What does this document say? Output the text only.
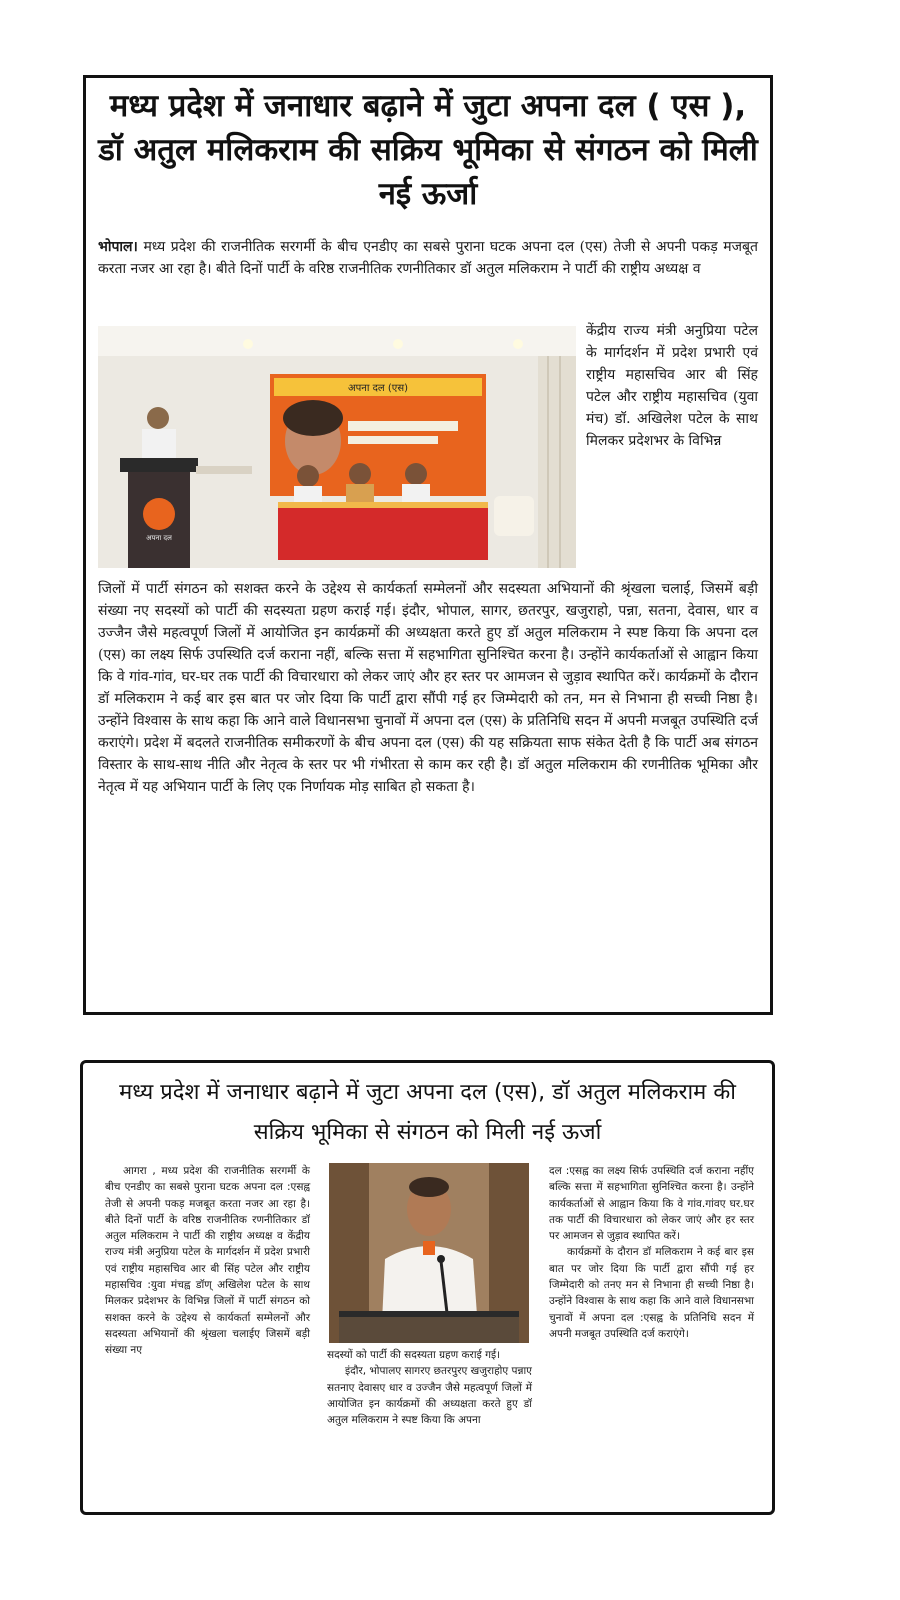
मध्य प्रदेश में जनाधार बढ़ाने में जुटा अपना दल ( एस ), डॉ अतुल मलिकराम की सक्रिय भूमिका से संगठन को मिली नई ऊर्जा
भोपाल। मध्य प्रदेश की राजनीतिक सरगर्मी के बीच एनडीए का सबसे पुराना घटक अपना दल (एस) तेजी से अपनी पकड़ मजबूत करता नजर आ रहा है। बीते दिनों पार्टी के वरिष्ठ राजनीतिक रणनीतिकार डॉ अतुल मलिकराम ने पार्टी की राष्ट्रीय अध्यक्ष व
अपना दल (एस)
अपना दल
केंद्रीय राज्य मंत्री अनुप्रिया पटेल के मार्गदर्शन में प्रदेश प्रभारी एवं राष्ट्रीय महासचिव आर बी सिंह पटेल और राष्ट्रीय महासचिव (युवा मंच) डॉ. अखिलेश पटेल के साथ मिलकर प्रदेशभर के विभिन्न
जिलों में पार्टी संगठन को सशक्त करने के उद्देश्य से कार्यकर्ता सम्मेलनों और सदस्यता अभियानों की श्रृंखला चलाई, जिसमें बड़ी संख्या नए सदस्यों को पार्टी की सदस्यता ग्रहण कराई गई। इंदौर, भोपाल, सागर, छतरपुर, खजुराहो, पन्ना, सतना, देवास, धार व उज्जैन जैसे महत्वपूर्ण जिलों में आयोजित इन कार्यक्रमों की अध्यक्षता करते हुए डॉ अतुल मलिकराम ने स्पष्ट किया कि अपना दल (एस) का लक्ष्य सिर्फ उपस्थिति दर्ज कराना नहीं, बल्कि सत्ता में सहभागिता सुनिश्चित करना है। उन्होंने कार्यकर्ताओं से आह्वान किया कि वे गांव-गांव, घर-घर तक पार्टी की विचारधारा को लेकर जाएं और हर स्तर पर आमजन से जुड़ाव स्थापित करें। कार्यक्रमों के दौरान डॉ मलिकराम ने कई बार इस बात पर जोर दिया कि पार्टी द्वारा सौंपी गई हर जिम्मेदारी को तन, मन से निभाना ही सच्ची निष्ठा है। उन्होंने विश्वास के साथ कहा कि आने वाले विधानसभा चुनावों में अपना दल (एस) के प्रतिनिधि सदन में अपनी मजबूत उपस्थिति दर्ज कराएंगे। प्रदेश में बदलते राजनीतिक समीकरणों के बीच अपना दल (एस) की यह सक्रियता साफ संकेत देती है कि पार्टी अब संगठन विस्तार के साथ-साथ नीति और नेतृत्व के स्तर पर भी गंभीरता से काम कर रही है। डॉ अतुल मलिकराम की रणनीतिक भूमिका और नेतृत्व में यह अभियान पार्टी के लिए एक निर्णायक मोड़ साबित हो सकता है।
मध्य प्रदेश में जनाधार बढ़ाने में जुटा अपना दल (एस), डॉ अतुल मलिकराम की सक्रिय भूमिका से संगठन को मिली नई ऊर्जा

आगरा , मध्य प्रदेश की राजनीतिक सरगर्मी के बीच एनडीए का सबसे पुराना घटक अपना दल :एसह्व तेजी से अपनी पकड़ मजबूत करता नजर आ रहा है। बीते दिनों पार्टी के वरिष्ठ राजनीतिक रणनीतिकार डॉ अतुल मलिकराम ने पार्टी की राष्ट्रीय अध्यक्ष व केंद्रीय राज्य मंत्री अनुप्रिया पटेल के मार्गदर्शन में प्रदेश प्रभारी एवं राष्ट्रीय महासचिव आर बी सिंह पटेल और राष्ट्रीय महासचिव :युवा मंचह्व डॉण् अखिलेश पटेल के साथ मिलकर प्रदेशभर के विभिन्न जिलों में पार्टी संगठन को सशक्त करने के उद्देश्य से कार्यकर्ता सम्मेलनों और सदस्यता अभियानों की श्रृंखला चलाईए जिसमें बड़ी संख्या नए	सदस्यों को पार्टी की सदस्यता ग्रहण कराई गई।

इंदौर, भोपालए सागरए छतरपुरए खजुराहोए पन्नाए सतनाए देवासए धार व उज्जैन जैसे महत्वपूर्ण जिलों में आयोजित इन कार्यक्रमों की अध्यक्षता करते हुए डॉ अतुल मलिकराम ने स्पष्ट किया कि अपना

दल :एसह्व का लक्ष्य सिर्फ उपस्थिति दर्ज कराना नहींए बल्कि सत्ता में सहभागिता सुनिश्चित करना है। उन्होंने कार्यकर्ताओं से आह्वान किया कि वे गांव.गांवए घर.घर तक पार्टी की विचारधारा को लेकर जाएं और हर स्तर पर आमजन से जुड़ाव स्थापित करें।

कार्यक्रमों के दौरान डॉ मलिकराम ने कई बार इस बात पर जोर दिया कि पार्टी द्वारा सौंपी गई हर जिम्मेदारी को तनए मन से निभाना ही सच्ची निष्ठा है। उन्होंने विश्वास के साथ कहा कि आने वाले विधानसभा चुनावों में अपना दल :एसह्व के प्रतिनिधि सदन में अपनी मजबूत उपस्थिति दर्ज कराएंगे।
